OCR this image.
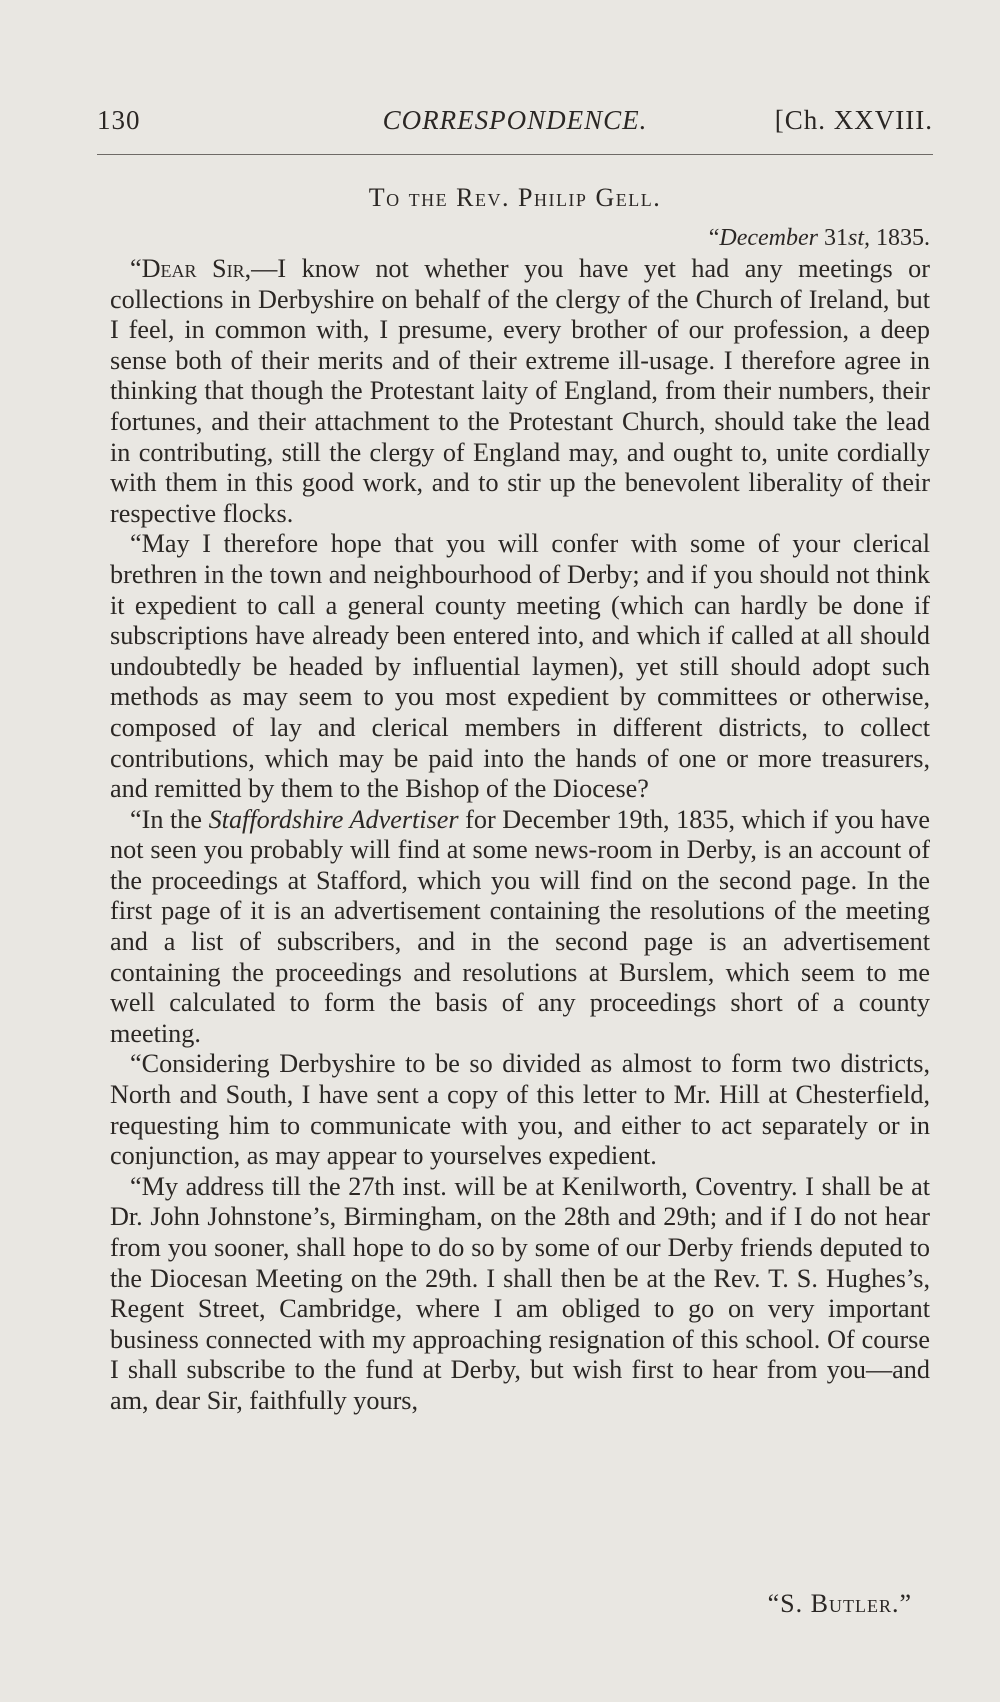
130	CORRESPONDENCE.	[Ch. XXVIII.
To the Rev. Philip Gell.
“December 31st, 1835.

“Dear Sir,—I know not whether you have yet had any meetings or collections in Derbyshire on behalf of the clergy of the Church of Ireland, but I feel, in common with, I presume, every brother of our profession, a deep sense both of their merits and of their extreme ill-usage. I therefore agree in thinking that though the Protestant laity of England, from their numbers, their fortunes, and their attachment to the Protestant Church, should take the lead in contributing, still the clergy of England may, and ought to, unite cordially with them in this good work, and to stir up the benevolent liberality of their respective flocks.

“May I therefore hope that you will confer with some of your clerical brethren in the town and neighbourhood of Derby; and if you should not think it expedient to call a general county meeting (which can hardly be done if subscriptions have already been entered into, and which if called at all should undoubtedly be headed by influential laymen), yet still should adopt such methods as may seem to you most expedient by committees or otherwise, composed of lay and clerical members in different districts, to collect contributions, which may be paid into the hands of one or more treasurers, and remitted by them to the Bishop of the Diocese?

“In the Staffordshire Advertiser for December 19th, 1835, which if you have not seen you probably will find at some news-room in Derby, is an account of the proceedings at Stafford, which you will find on the second page. In the first page of it is an advertisement containing the resolutions of the meeting and a list of subscribers, and in the second page is an advertisement containing the proceedings and resolutions at Burslem, which seem to me well calculated to form the basis of any proceedings short of a county meeting.

“Considering Derbyshire to be so divided as almost to form two districts, North and South, I have sent a copy of this letter to Mr. Hill at Chesterfield, requesting him to communicate with you, and either to act separately or in conjunction, as may appear to yourselves expedient.

“My address till the 27th inst. will be at Kenilworth, Coventry. I shall be at Dr. John Johnstone’s, Birmingham, on the 28th and 29th; and if I do not hear from you sooner, shall hope to do so by some of our Derby friends deputed to the Diocesan Meeting on the 29th. I shall then be at the Rev. T. S. Hughes’s, Regent Street, Cambridge, where I am obliged to go on very important business connected with my approaching resignation of this school. Of course I shall subscribe to the fund at Derby, but wish first to hear from you—and am, dear Sir, faithfully yours,

“S. Butler.”
